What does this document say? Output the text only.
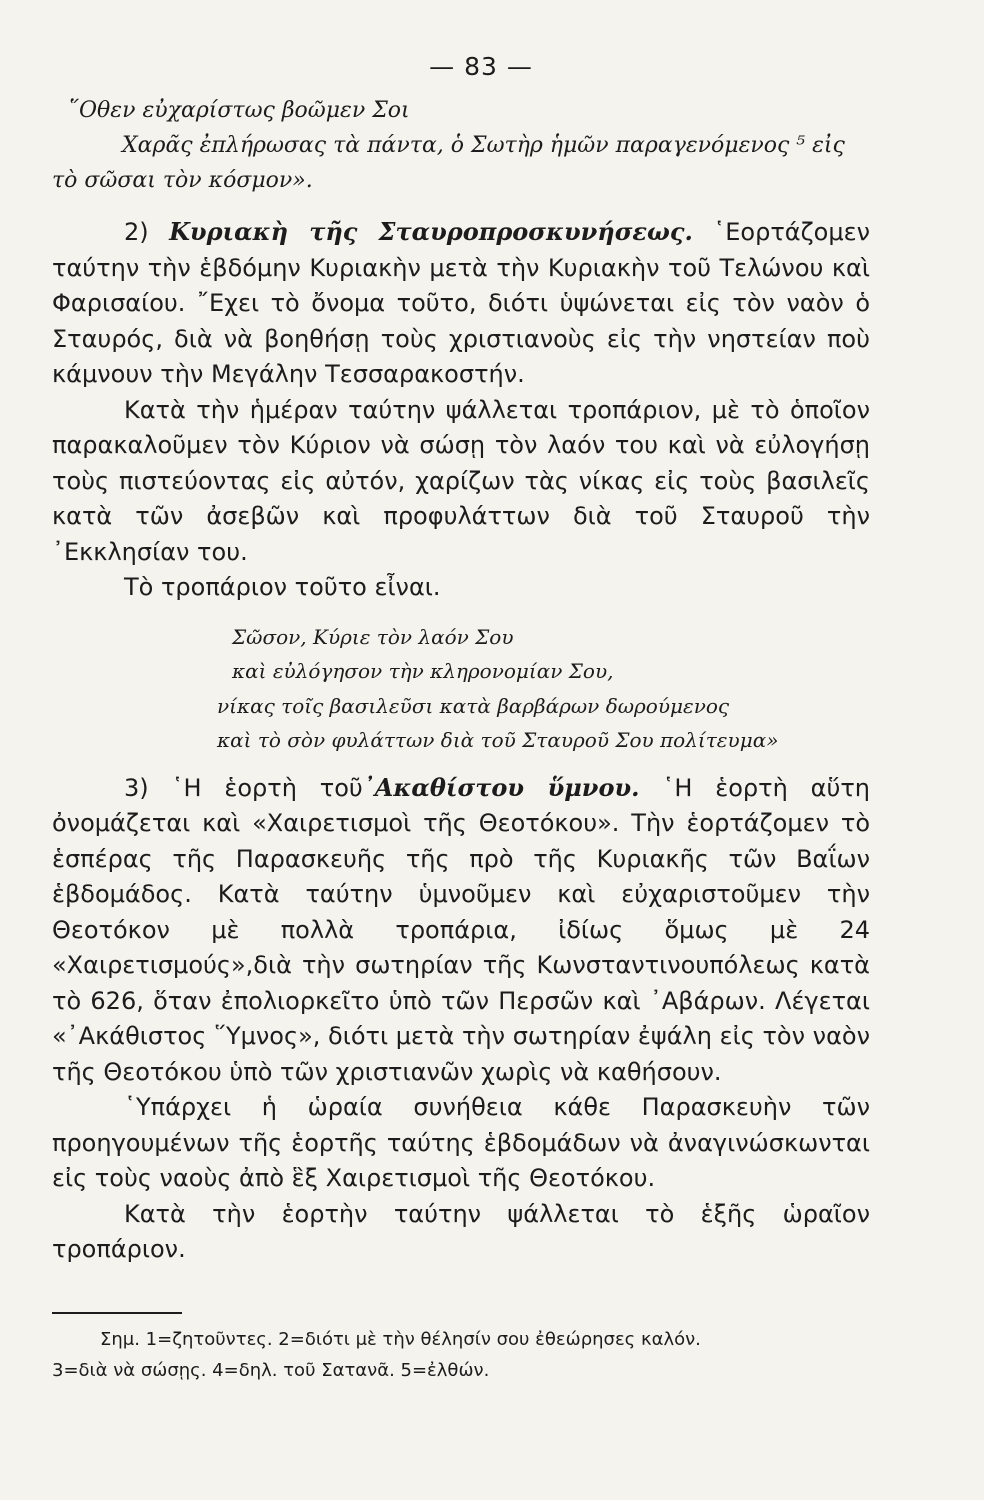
— 83 —
῞Οθεν εὐχαρίστως βοῶμεν Σοι
Χαρᾶς ἐπλήρωσας τὰ πάντα, ὁ Σωτὴρ ἡμῶν παραγενόμενος ⁵ εἰς
τὸ σῶσαι τὸν κόσμον».

2) Κυριακὴ τῆς Σταυροπροσκυνήσεως. ῾Εορτάζομεν ταύτην τὴν ἑβδόμην Κυριακὴν μετὰ τὴν Κυριακὴν τοῦ Τελώνου καὶ Φαρισαίου. ῎Εχει τὸ ὄνομα τοῦτο, διότι ὑψώνεται εἰς τὸν ναὸν ὁ Σταυρός, διὰ νὰ βοηθήσῃ τοὺς χριστιανοὺς εἰς τὴν νηστείαν ποὺ κάμνουν τὴν Μεγάλην Τεσσαρακοστήν.

Κατὰ τὴν ἡμέραν ταύτην ψάλλεται τροπάριον, μὲ τὸ ὁποῖον παρακαλοῦμεν τὸν Κύριον νὰ σώσῃ τὸν λαόν του καὶ νὰ εὐλογήσῃ τοὺς πιστεύοντας εἰς αὐτόν, χαρίζων τὰς νίκας εἰς τοὺς βασιλεῖς κατὰ τῶν ἀσεβῶν καὶ προφυλάττων διὰ τοῦ Σταυροῦ τὴν ᾿Εκκλησίαν του.

Τὸ τροπάριον τοῦτο εἶναι.

Σῶσον, Κύριε τὸν λαόν Σου
καὶ εὐλόγησον τὴν κληρονομίαν Σου,
νίκας τοῖς βασιλεῦσι κατὰ βαρβάρων δωρούμενος
καὶ τὸ σὸν φυλάττων διὰ τοῦ Σταυροῦ Σου πολίτευμα»

3) ῾Η ἑορτὴ τοῦ᾿Ακαθίστου ὕμνου. ῾Η ἑορτὴ αὕτη ὀνομάζεται καὶ «Χαιρετισμοὶ τῆς Θεοτόκου». Τὴν ἑορτάζομεν τὸ ἑσπέρας τῆς Παρασκευῆς τῆς πρὸ τῆς Κυριακῆς τῶν Βαΐων ἑβδομάδος. Κατὰ ταύτην ὑμνοῦμεν καὶ εὐχαριστοῦμεν τὴν Θεοτόκον μὲ πολλὰ τροπάρια, ἰδίως ὅμως μὲ 24 «Χαιρετισμούς»,διὰ τὴν σωτηρίαν τῆς Κωνσταντινουπόλεως κατὰ τὸ 626, ὅταν ἐπολιορκεῖτο ὑπὸ τῶν Περσῶν καὶ ᾿Αβάρων. Λέγεται «᾿Ακάθιστος ῞Υμνος», διότι μετὰ τὴν σωτηρίαν ἐψάλη εἰς τὸν ναὸν τῆς Θεοτόκου ὑπὸ τῶν χριστιανῶν χωρὶς νὰ καθήσουν.

῾Υπάρχει ἡ ὡραία συνήθεια κάθε Παρασκευὴν τῶν προηγουμένων τῆς ἑορτῆς ταύτης ἑβδομάδων νὰ ἀναγινώσκωνται εἰς τοὺς ναοὺς ἀπὸ ἓξ Χαιρετισμοὶ τῆς Θεοτόκου.

Κατὰ τὴν ἑορτὴν ταύτην ψάλλεται τὸ ἑξῆς ὡραῖον τροπάριον.

Σημ. 1=ζητοῦντες. 2=διότι μὲ τὴν θέλησίν σου ἐθεώρησες καλόν.
3=διὰ νὰ σώσῃς. 4=δηλ. τοῦ Σατανᾶ. 5=ἐλθών.
